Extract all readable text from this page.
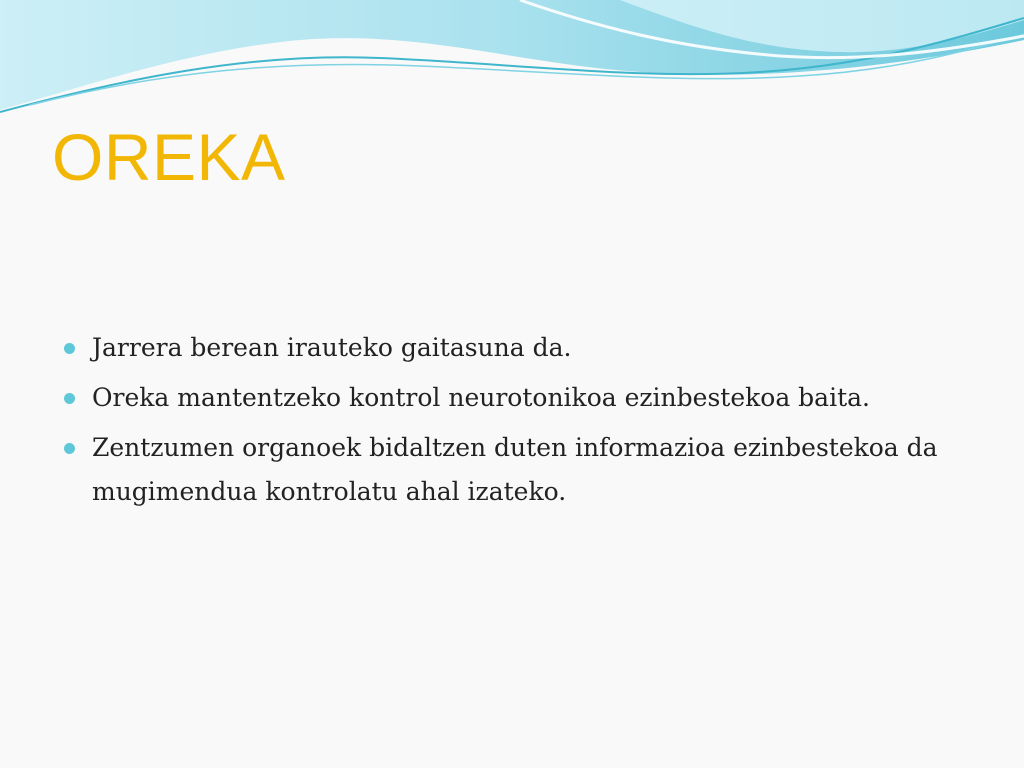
OREKA
Jarrera berean irauteko gaitasuna da.
Oreka mantentzeko kontrol neurotonikoa ezinbestekoa baita.
Zentzumen organoek bidaltzen duten informazioa ezinbestekoa da mugimendua kontrolatu ahal izateko.
